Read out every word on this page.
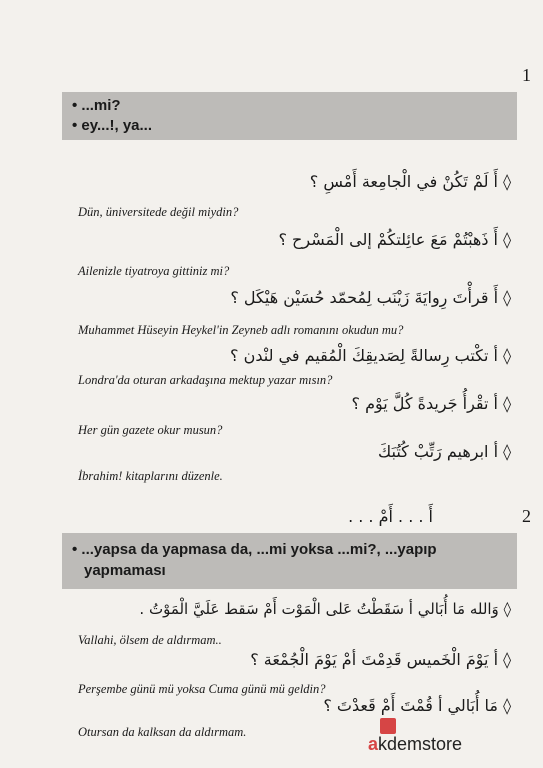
1
• ...mi?
• ey...!, ya...
◊ أَ لَمْ تَكُنْ في الْجامِعة أَمْسِ ؟
Dün, üniversitede değil miydin?
◊ أَ ذَهبْتُمْ مَعَ عائِلتكُمْ إلى الْمَسْرح ؟
Ailenizle tiyatroya gittiniz mi?
◊ أَ قرأْتَ رِوايَةَ زَيْنَب لِمُحمّد حُسَيْن هَيْكَل ؟
Muhammet Hüseyin Heykel'in Zeyneb adlı romanını okudun mu?
◊ أ تكْتب رِسالةً لِصَديقِكَ الْمُقيم في لنْدن ؟
Londra'da oturan arkadaşına mektup yazar mısın?
◊ أ تقْرأُ جَريدةً كُلَّ يَوْم ؟
Her gün gazete okur musun?
◊ أ ابرهيم رَتِّبْ كُتُبَكَ
İbrahim! kitaplarını düzenle.
2
أَ . . . أَمْ . . .
• ...yapsa da yapmasa da, ...mi yoksa ...mi?, ...yapıp
yapmaması
◊ وَالله مَا أُبَالي أ سَقَطْتُ عَلى الْمَوْت أَمْ سَقط عَلَيَّ الْمَوْتُ .
Vallahi, ölsem de aldırmam..
◊ أ يَوْمَ الْخَميس قَدِمْتَ أمْ يَوْمَ الْجُمْعَة ؟
Perşembe günü mü yoksa Cuma günü mü geldin?
◊ مَا أُبَالي أ قُمْتَ أَمْ قَعدْتَ ؟
Otursan da kalksan da aldırmam.
akdemstore
